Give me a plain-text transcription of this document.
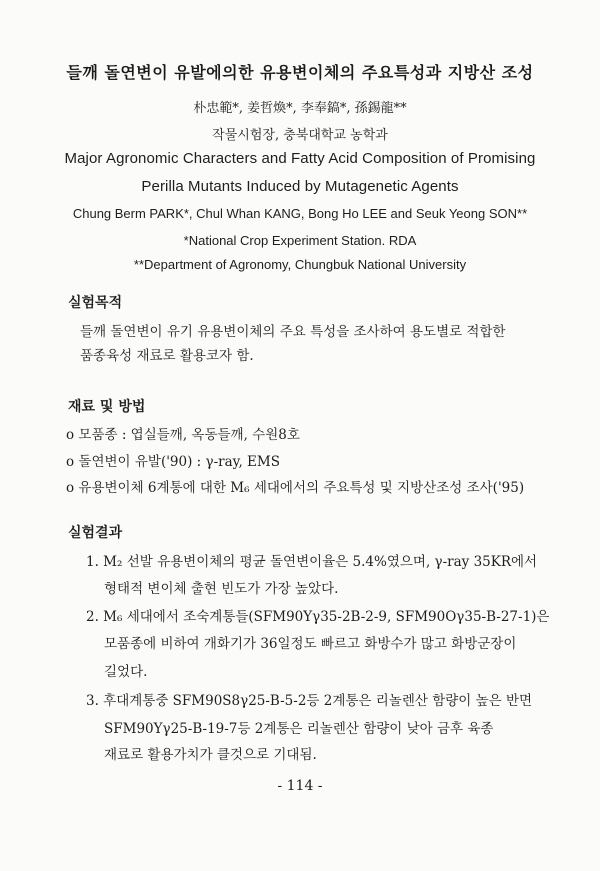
들깨 돌연변이 유발에의한 유용변이체의 주요특성과 지방산 조성
朴忠範*, 姜哲煥*, 李奉鎬*, 孫錫龍**
작물시험장, 충북대학교 농학과
Major Agronomic Characters and Fatty Acid Composition of Promising
Perilla Mutants Induced by Mutagenetic Agents
Chung Berm PARK*, Chul Whan KANG, Bong Ho LEE and Seuk Yeong SON**
*National Crop Experiment Station. RDA
**Department of Agronomy, Chungbuk National University
실험목적
들깨 돌연변이 유기 유용변이체의 주요 특성을 조사하여 용도별로 적합한
품종육성 재료로 활용코자 함.
재료 및 방법
o 모품종 : 엽실들깨, 옥동들깨, 수원8호
o 돌연변이 유발('90) : γ-ray, EMS
o 유용변이체 6계통에 대한 M₆ 세대에서의 주요특성 및 지방산조성 조사('95)
실험결과
1. M₂ 선발 유용변이체의 평균 돌연변이율은 5.4%였으며, γ-ray 35KR에서
형태적 변이체 출현 빈도가 가장 높았다.
2. M₆ 세대에서 조숙계통들(SFM90Yγ35-2B-2-9, SFM90Oγ35-B-27-1)은
모품종에 비하여 개화기가 36일정도 빠르고 화방수가 많고 화방군장이
길었다.
3. 후대계통중 SFM90S8γ25-B-5-2등 2계통은 리놀렌산 함량이 높은 반면
SFM90Yγ25-B-19-7등 2계통은 리놀렌산 함량이 낮아 금후 육종
재료로 활용가치가 클것으로 기대됨.
- 114 -
